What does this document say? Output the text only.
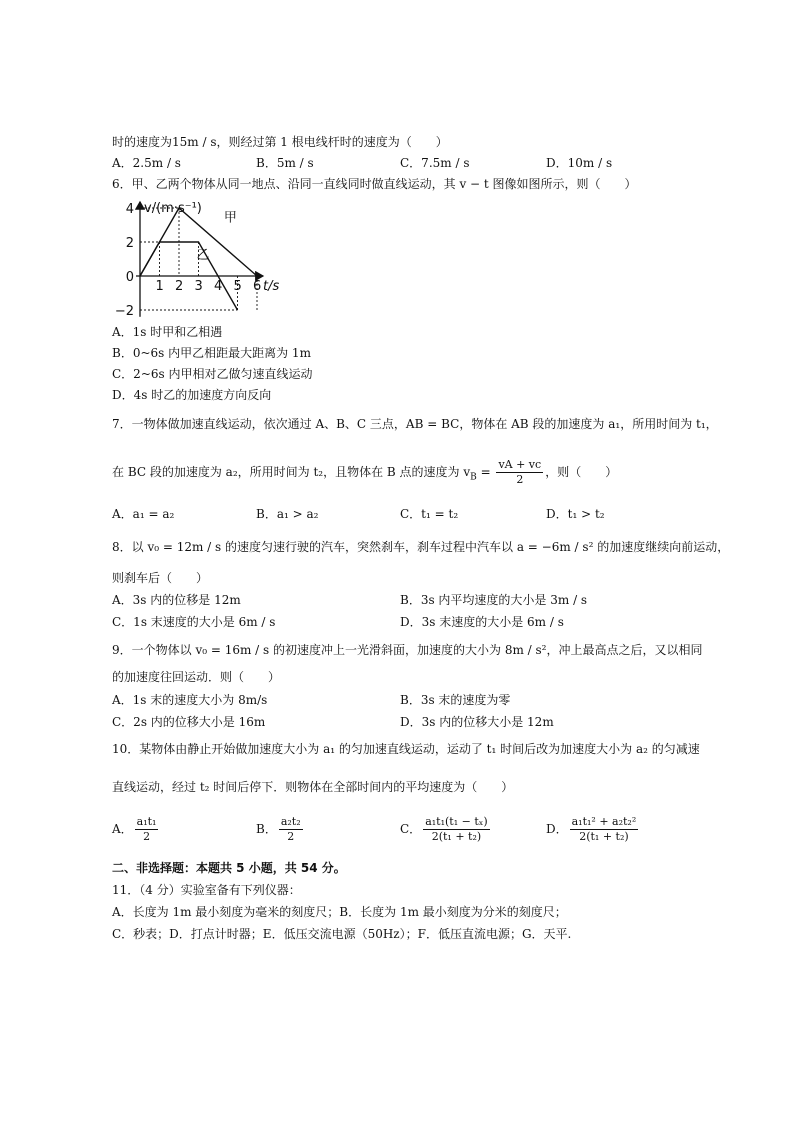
时的速度为15m / s，则经过第 1 根电线杆时的速度为（　　）
A．2.5m / s	B．5m / s	C．7.5m / s	D．10m / s
6．甲、乙两个物体从同一地点、沿同一直线同时做直线运动，其 v − t 图像如图所示，则（　　）
甲
乙
1 2 3 4 5 6
4
2
0
−2
t/s
v/(m·s⁻¹)
A．1s 时甲和乙相遇
B．0~6s 内甲乙相距最大距离为 1m
C．2~6s 内甲相对乙做匀速直线运动
D．4s 时乙的加速度方向反向
7．一物体做加速直线运动，依次通过 A、B、C 三点，AB = BC，物体在 AB 段的加速度为 a₁，所用时间为 t₁，
在 BC 段的加速度为 a₂，所用时间为 t₂，且物体在 B 点的速度为 $v_B = \frac{vA + vc}{2}$ ，则（　　）
A．a₁ = a₂	B．a₁ > a₂	C．t₁ = t₂	D．t₁ > t₂
8．以 v₀ = 12m / s 的速度匀速行驶的汽车，突然刹车，刹车过程中汽车以 a = −6m / s² 的加速度继续向前运动，
则刹车后（　　）
A．3s 内的位移是 12m	B．3s 内平均速度的大小是 3m / s
C．1s 末速度的大小是 6m / s	D．3s 末速度的大小是 6m / s
9．一个物体以 v₀ = 16m / s 的初速度冲上一光滑斜面，加速度的大小为 8m / s²，冲上最高点之后，又以相同
的加速度往回运动．则（　　）
A．1s 末的速度大小为 8m/s	B．3s 末的速度为零
C．2s 内的位移大小是 16m	D．3s 内的位移大小是 12m
10．某物体由静止开始做加速度大小为 a₁ 的匀加速直线运动，运动了 t₁ 时间后改为加速度大小为 a₂ 的匀减速
直线运动，经过 t₂ 时间后停下．则物体在全部时间内的平均速度为（　　）
A． $\frac{\text{a₁t₁}}{2}$	B． $\frac{\text{a₂t₂}}{2}$	C． $\frac{\text{a₁t₁(t₁ − tₓ)}}{\text{2(t₁ + t₂)}}$	D． $\frac{\text{a₁t₁² + a₂t₂²}}{\text{2(t₁ + t₂)}}$
二、非选择题：本题共 5 小题，共 54 分。
11．（4 分）实验室备有下列仪器：
A．长度为 1m 最小刻度为毫米的刻度尺；B．长度为 1m 最小刻度为分米的刻度尺；
C．秒表；D．打点计时器；E．低压交流电源（50Hz）；F．低压直流电源；G．天平.
